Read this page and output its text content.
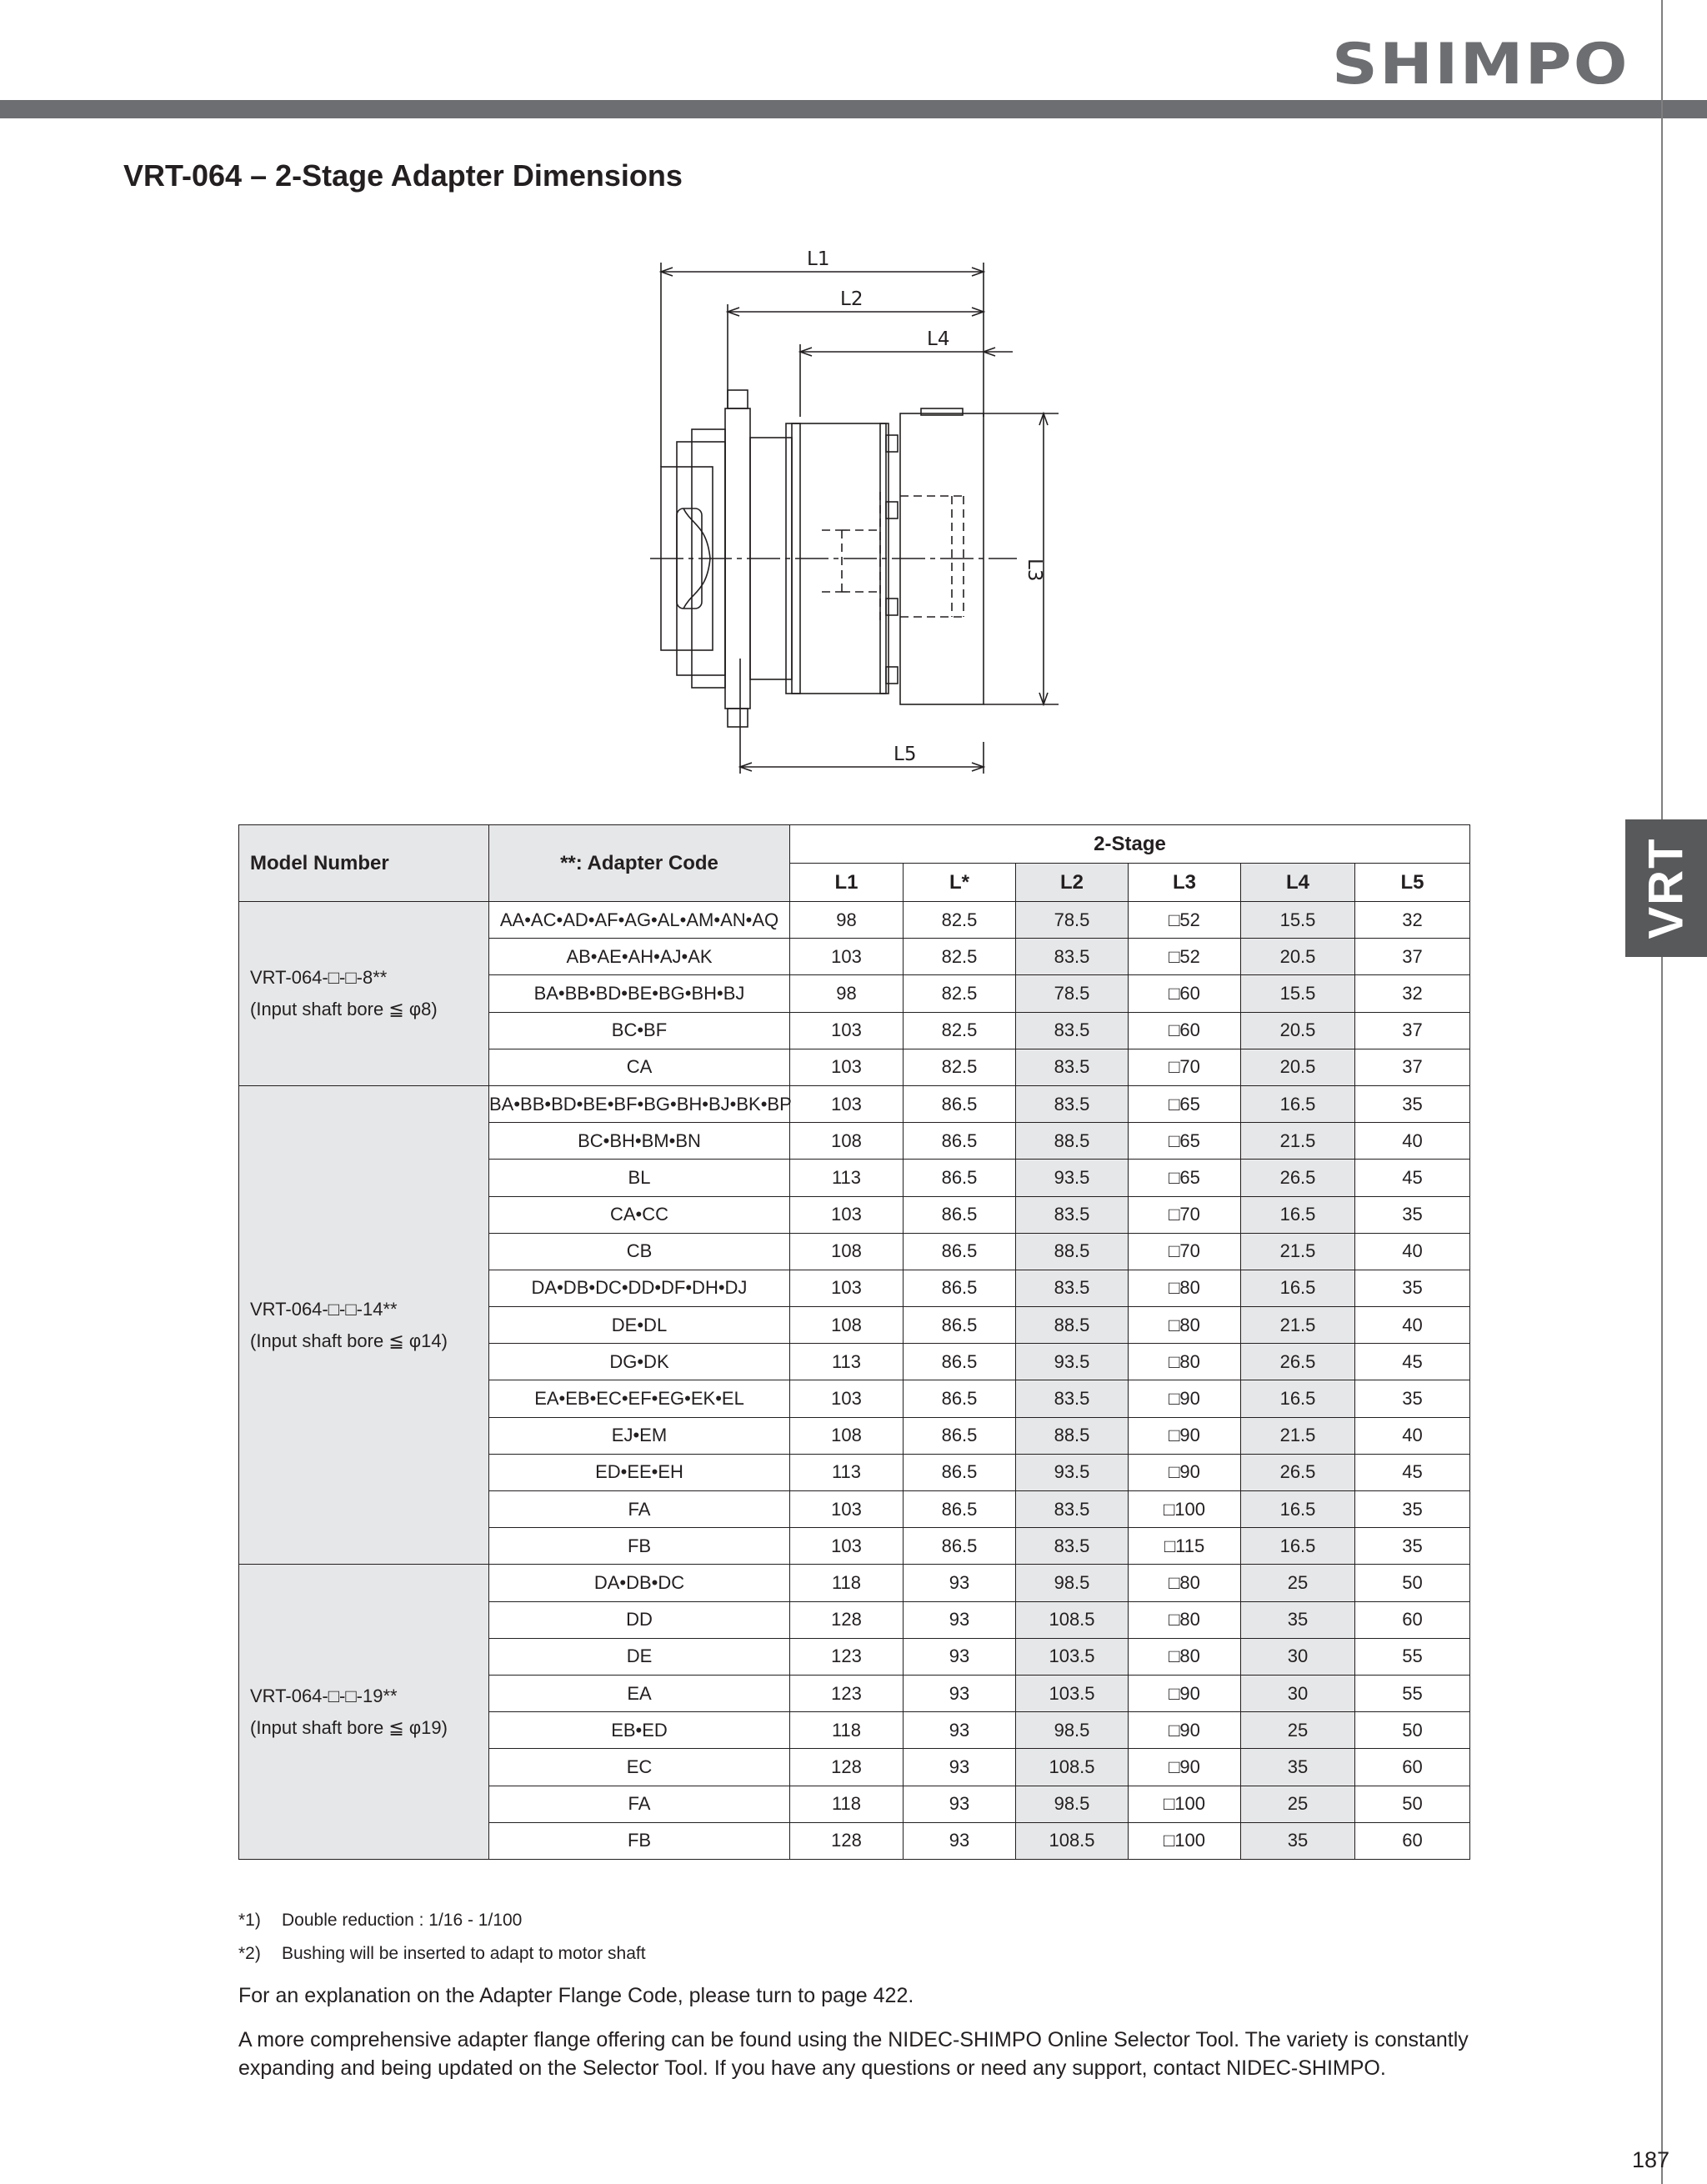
SHIMPO
VRT
VRT-064 – 2-Stage Adapter Dimensions
L1
L2
L4
L5
L3
Model Number	**: Adapter Code	2-Stage					
		L1	L*	L2	L3	L4	L5

VRT-064-□-□-8**
(Input shaft bore ≦ φ8)	AA•AC•AD•AF•AG•AL•AM•AN•AQ	98	82.5	78.5	□52	15.5	32
	AB•AE•AH•AJ•AK	103	82.5	83.5	□52	20.5	37
	BA•BB•BD•BE•BG•BH•BJ	98	82.5	78.5	□60	15.5	32
	BC•BF	103	82.5	83.5	□60	20.5	37
	CA	103	82.5	83.5	□70	20.5	37

VRT-064-□-□-14**
(Input shaft bore ≦ φ14)	BA•BB•BD•BE•BF•BG•BH•BJ•BK•BP	103	86.5	83.5	□65	16.5	35
	BC•BH•BM•BN	108	86.5	88.5	□65	21.5	40
	BL	113	86.5	93.5	□65	26.5	45
	CA•CC	103	86.5	83.5	□70	16.5	35
	CB	108	86.5	88.5	□70	21.5	40
	DA•DB•DC•DD•DF•DH•DJ	103	86.5	83.5	□80	16.5	35
	DE•DL	108	86.5	88.5	□80	21.5	40
	DG•DK	113	86.5	93.5	□80	26.5	45
	EA•EB•EC•EF•EG•EK•EL	103	86.5	83.5	□90	16.5	35
	EJ•EM	108	86.5	88.5	□90	21.5	40
	ED•EE•EH	113	86.5	93.5	□90	26.5	45
	FA	103	86.5	83.5	□100	16.5	35
	FB	103	86.5	83.5	□115	16.5	35

VRT-064-□-□-19**
(Input shaft bore ≦ φ19)	DA•DB•DC	118	93	98.5	□80	25	50
	DD	128	93	108.5	□80	35	60
	DE	123	93	103.5	□80	30	55
	EA	123	93	103.5	□90	30	55
	EB•ED	118	93	98.5	□90	25	50
	EC	128	93	108.5	□90	35	60
	FA	118	93	98.5	□100	25	50
	FB	128	93	108.5	□100	35	60
*1)	Double reduction : 1/16 - 1/100
*2)	Bushing will be inserted to adapt to motor shaft

For an explanation on the Adapter Flange Code, please turn to page 422.

A more comprehensive adapter flange offering can be found using the NIDEC-SHIMPO Online Selector Tool. The variety is constantly expanding and being updated on the Selector Tool. If you have any questions or need any support, contact NIDEC-SHIMPO.

187
